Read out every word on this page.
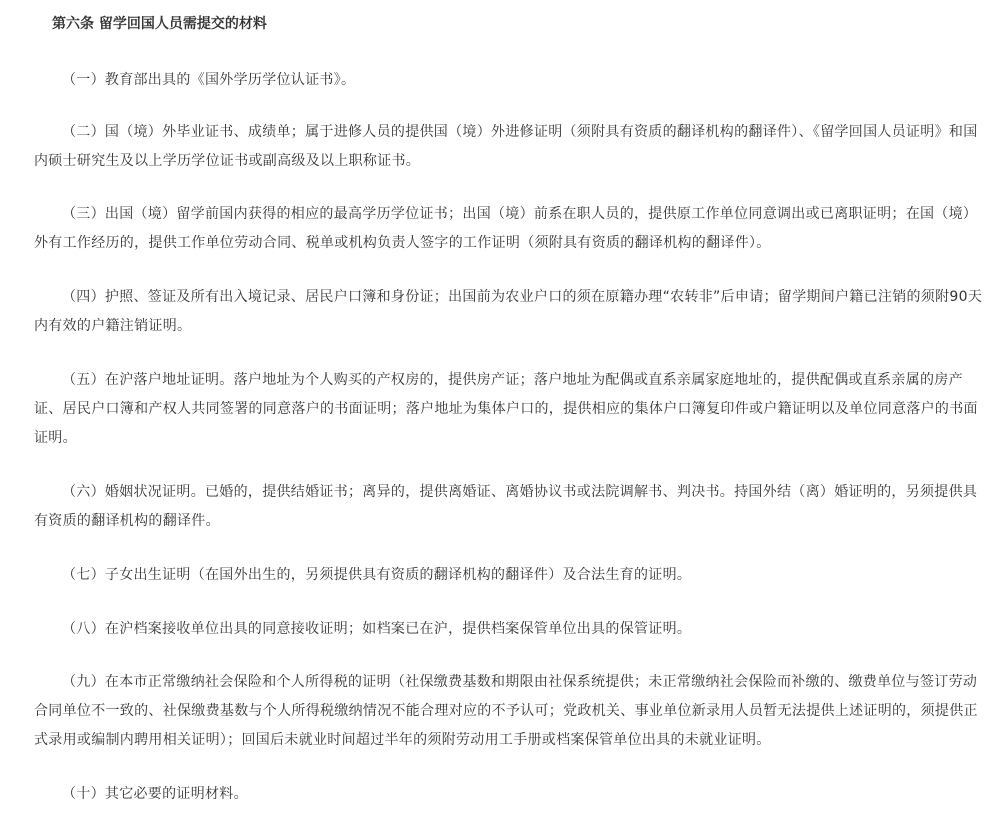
第六条 留学回国人员需提交的材料
（一）教育部出具的《国外学历学位认证书》。
（二）国（境）外毕业证书、成绩单；属于进修人员的提供国（境）外进修证明（须附具有资质的翻译机构的翻译件）、《留学回国人员证明》和国内硕士研究生及以上学历学位证书或副高级及以上职称证书。
（三）出国（境）留学前国内获得的相应的最高学历学位证书；出国（境）前系在职人员的，提供原工作单位同意调出或已离职证明；在国（境）外有工作经历的，提供工作单位劳动合同、税单或机构负责人签字的工作证明（须附具有资质的翻译机构的翻译件）。
（四）护照、签证及所有出入境记录、居民户口簿和身份证；出国前为农业户口的须在原籍办理“农转非”后申请；留学期间户籍已注销的须附90天内有效的户籍注销证明。
（五）在沪落户地址证明。落户地址为个人购买的产权房的，提供房产证；落户地址为配偶或直系亲属家庭地址的，提供配偶或直系亲属的房产证、居民户口簿和产权人共同签署的同意落户的书面证明；落户地址为集体户口的，提供相应的集体户口簿复印件或户籍证明以及单位同意落户的书面证明。
（六）婚姻状况证明。已婚的，提供结婚证书；离异的，提供离婚证、离婚协议书或法院调解书、判决书。持国外结（离）婚证明的，另须提供具有资质的翻译机构的翻译件。
（七）子女出生证明（在国外出生的，另须提供具有资质的翻译机构的翻译件）及合法生育的证明。
（八）在沪档案接收单位出具的同意接收证明；如档案已在沪，提供档案保管单位出具的保管证明。
（九）在本市正常缴纳社会保险和个人所得税的证明（社保缴费基数和期限由社保系统提供；未正常缴纳社会保险而补缴的、缴费单位与签订劳动合同单位不一致的、社保缴费基数与个人所得税缴纳情况不能合理对应的不予认可；党政机关、事业单位新录用人员暂无法提供上述证明的，须提供正式录用或编制内聘用相关证明）；回国后未就业时间超过半年的须附劳动用工手册或档案保管单位出具的未就业证明。
（十）其它必要的证明材料。
